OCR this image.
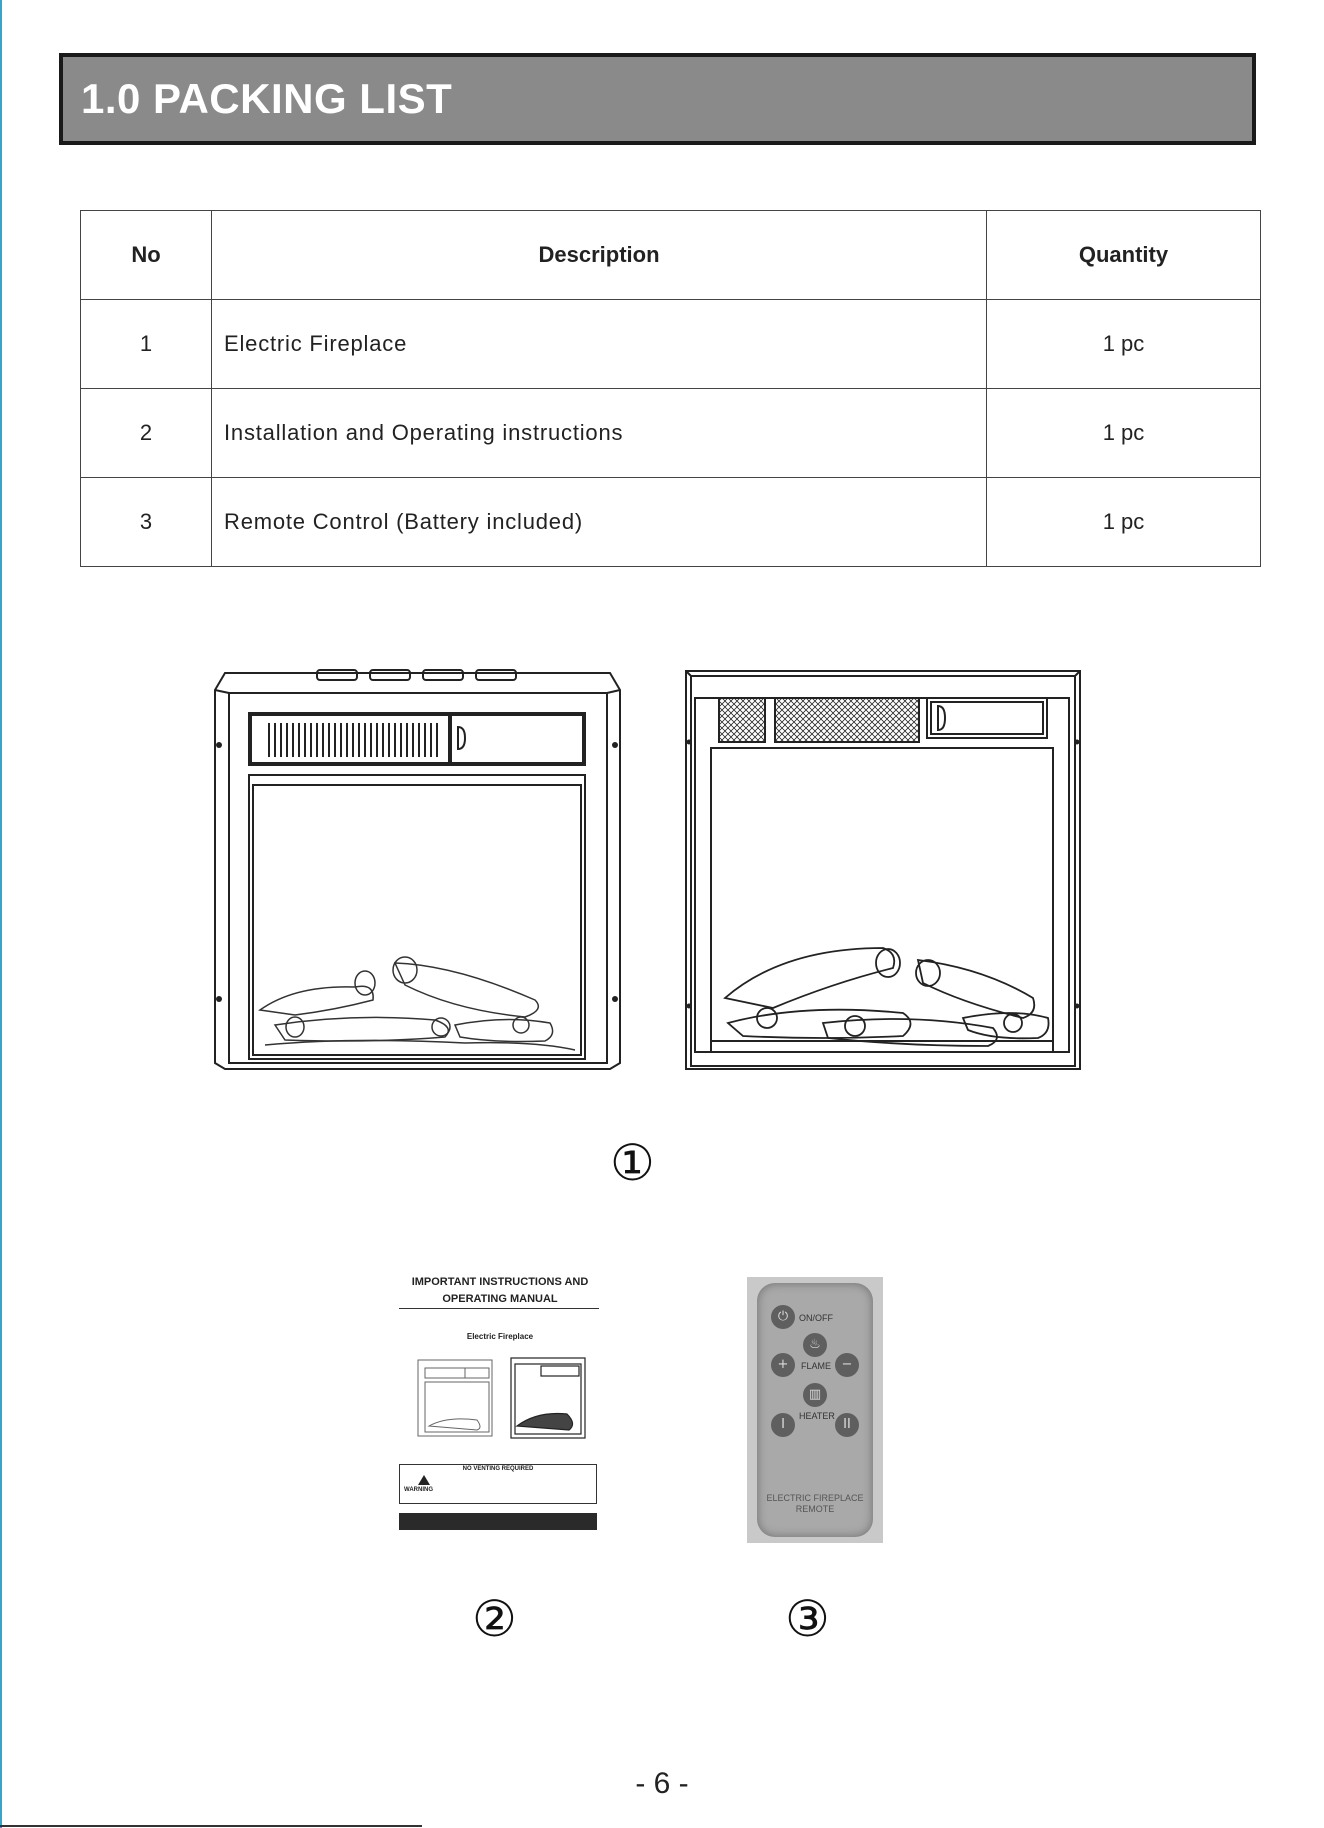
1.0 PACKING LIST
No	Description	Quantity
1	Electric Fireplace	1 pc
2	Installation and Operating instructions	1 pc
3	Remote Control (Battery included)	1 pc
①
IMPORTANT INSTRUCTIONS AND OPERATING MANUAL
Electric Fireplace
NO VENTING REQUIRED
WARNING
⏻	ON/OFF
♨
FLAME
+	−
▥
HEATER
I	II
ELECTRIC FIREPLACE REMOTE
②	③
- 6 -
